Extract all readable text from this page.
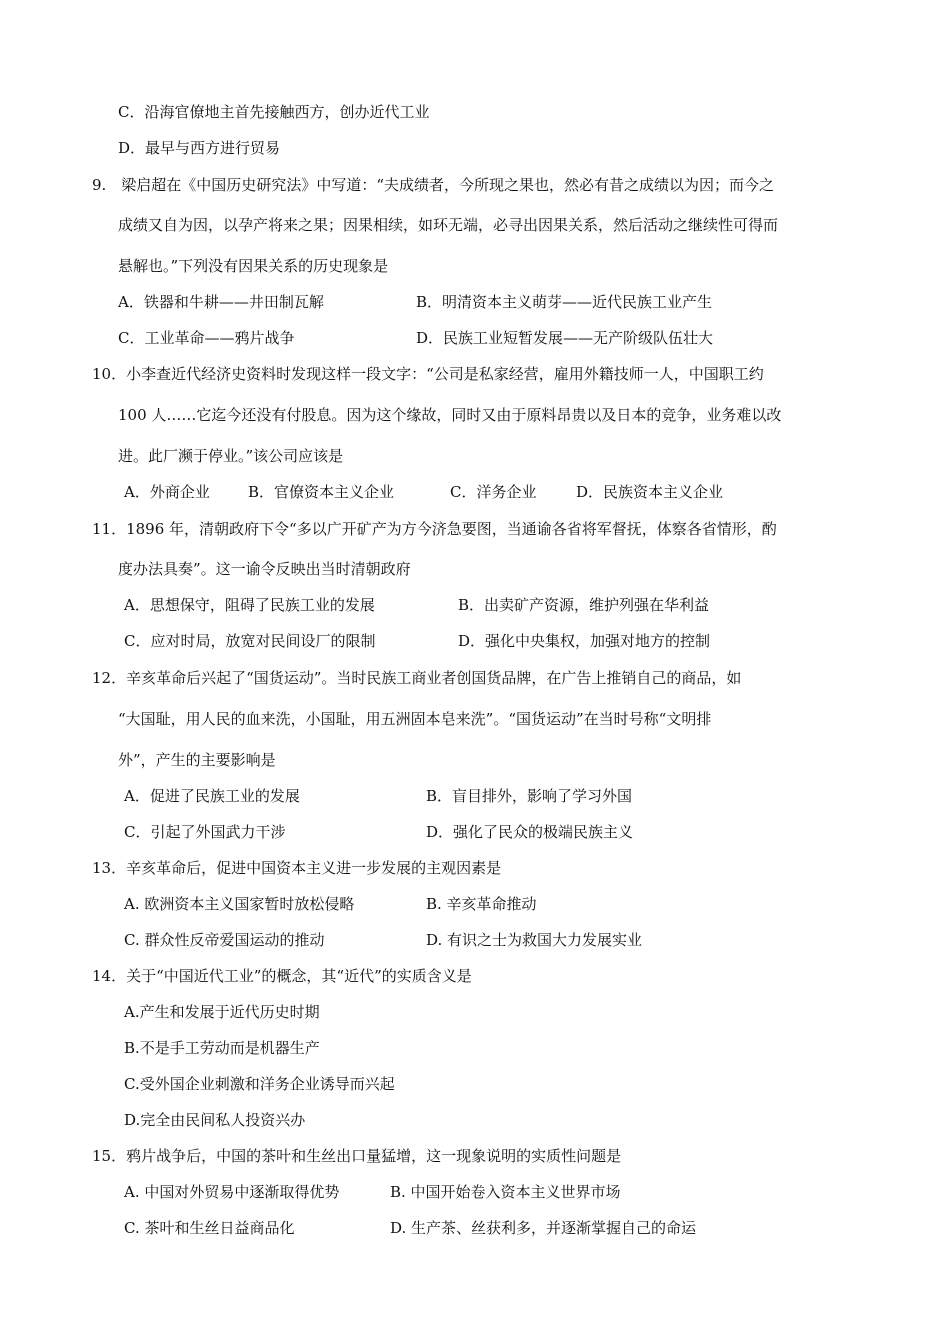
C．沿海官僚地主首先接触西方，创办近代工业
D．最早与西方进行贸易
9.　梁启超在《中国历史研究法》中写道：“夫成绩者，今所现之果也，然必有昔之成绩以为因；而今之
成绩又自为因，以孕产将来之果；因果相续，如环无端，必寻出因果关系，然后活动之继续性可得而
悬解也。”下列没有因果关系的历史现象是
A．铁器和牛耕——井田制瓦解	B．明清资本主义萌芽——近代民族工业产生
C．工业革命——鸦片战争	D．民族工业短暂发展——无产阶级队伍壮大
10．小李查近代经济史资料时发现这样一段文字：“公司是私家经营，雇用外籍技师一人，中国职工约
100 人……它迄今还没有付股息。因为这个缘故，同时又由于原料昂贵以及日本的竞争，业务难以改
进。此厂濒于停业。”该公司应该是
A．外商企业	B．官僚资本主义企业	C．洋务企业	D．民族资本主义企业
11．1896 年，清朝政府下令“多以广开矿产为方今济急要图，当通谕各省将军督抚，体察各省情形，酌
度办法具奏”。这一谕令反映出当时清朝政府
A．思想保守，阻碍了民族工业的发展	B．出卖矿产资源，维护列强在华利益
C．应对时局，放宽对民间设厂的限制	D．强化中央集权，加强对地方的控制
12．辛亥革命后兴起了“国货运动”。当时民族工商业者创国货品牌，在广告上推销自己的商品，如
“大国耻，用人民的血来洗，小国耻，用五洲固本皂来洗”。“国货运动”在当时号称“文明排
外”，产生的主要影响是
A．促进了民族工业的发展	B．盲目排外，影响了学习外国
C．引起了外国武力干涉	D．强化了民众的极端民族主义
13．辛亥革命后，促进中国资本主义进一步发展的主观因素是
A. 欧洲资本主义国家暂时放松侵略	B. 辛亥革命推动
C. 群众性反帝爱国运动的推动	D. 有识之士为救国大力发展实业
14．关于“中国近代工业”的概念，其“近代”的实质含义是
A.产生和发展于近代历史时期
B.不是手工劳动而是机器生产
C.受外国企业刺激和洋务企业诱导而兴起
D.完全由民间私人投资兴办
15．鸦片战争后，中国的茶叶和生丝出口量猛增，这一现象说明的实质性问题是
A. 中国对外贸易中逐渐取得优势	B. 中国开始卷入资本主义世界市场
C. 茶叶和生丝日益商品化	D. 生产茶、丝获利多，并逐渐掌握自己的命运
